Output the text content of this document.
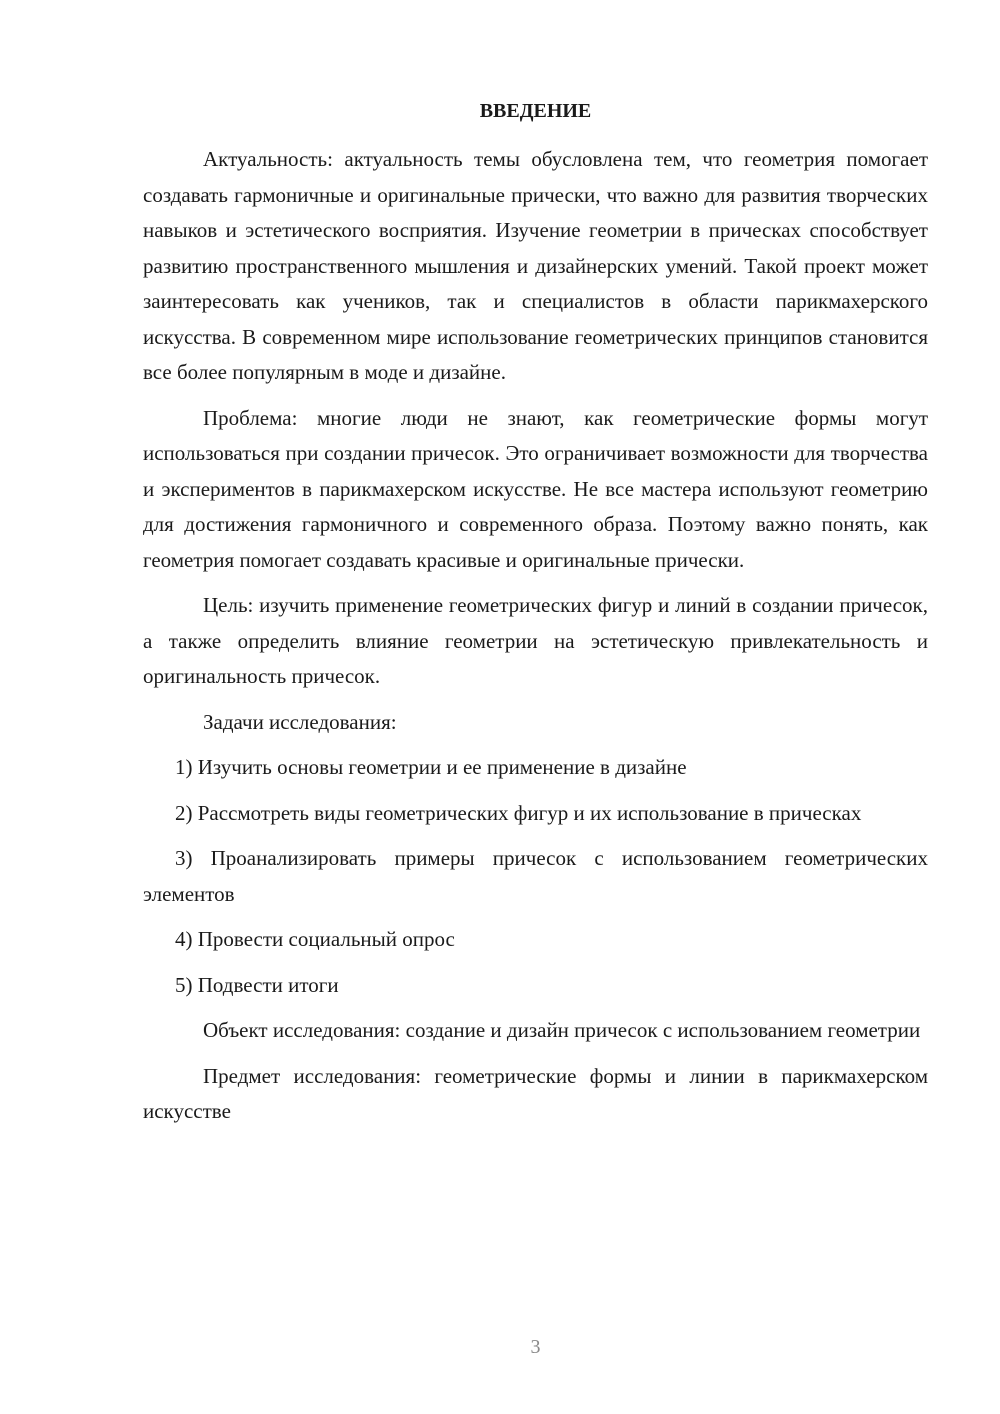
ВВЕДЕНИЕ

Актуальность: актуальность темы обусловлена тем, что геометрия помогает создавать гармоничные и оригинальные прически, что важно для развития творческих навыков и эстетического восприятия. Изучение геометрии в прическах способствует развитию пространственного мышления и дизайнерских умений. Такой проект может заинтересовать как учеников, так и специалистов в области парикмахерского искусства. В современном мире использование геометрических принципов становится все более популярным в моде и дизайне.

Проблема: многие люди не знают, как геометрические формы могут использоваться при создании причесок. Это ограничивает возможности для творчества и экспериментов в парикмахерском искусстве. Не все мастера используют геометрию для достижения гармоничного и современного образа. Поэтому важно понять, как геометрия помогает создавать красивые и оригинальные прически.

Цель: изучить применение геометрических фигур и линий в создании причесок, а также определить влияние геометрии на эстетическую привлекательность и оригинальность причесок.

Задачи исследования:

1) Изучить основы геометрии и ее применение в дизайне

2) Рассмотреть виды геометрических фигур и их использование в прическах

3) Проанализировать примеры причесок с использованием геометрических элементов

4) Провести социальный опрос

5) Подвести итоги

Объект исследования: создание и дизайн причесок с использованием геометрии

Предмет исследования: геометрические формы и линии в парикмахерском искусстве

3
